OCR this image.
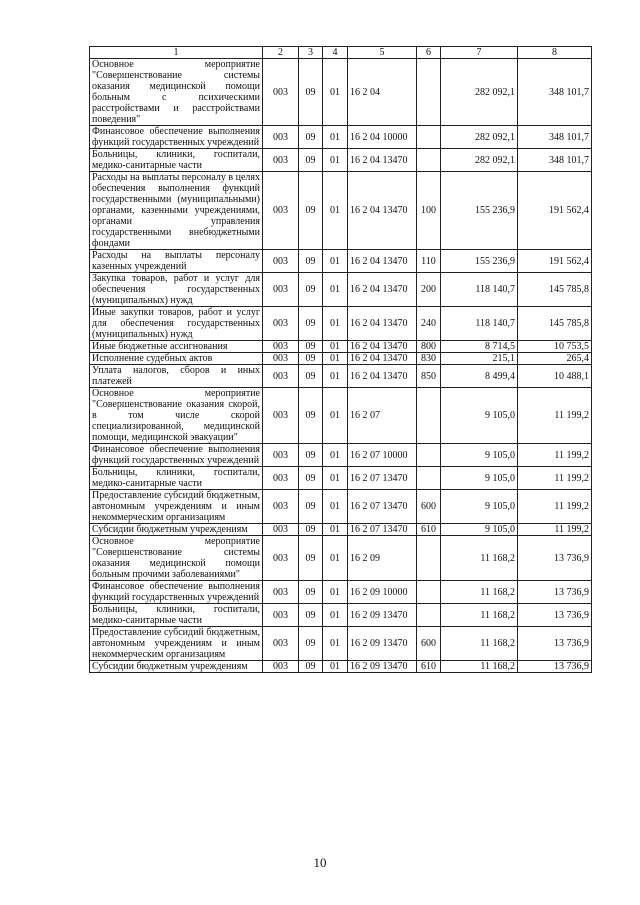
1	2	3	4	5	6	7	8
Основное мероприятие "Совершенствование системы оказания медицинской помощи больным с психическими расстройствами и расстройствами поведения"	003	09	01	16 2 04		282 092,1	348 101,7
Финансовое обеспечение выполнения функций государственных учреждений	003	09	01	16 2 04 10000		282 092,1	348 101,7
Больницы, клиники, госпитали, медико-санитарные части	003	09	01	16 2 04 13470		282 092,1	348 101,7
Расходы на выплаты персоналу в целях обеспечения выполнения функций государственными (муниципальными) органами, казенными учреждениями, органами управления государственными внебюджетными фондами	003	09	01	16 2 04 13470	100	155 236,9	191 562,4
Расходы на выплаты персоналу казенных учреждений	003	09	01	16 2 04 13470	110	155 236,9	191 562,4
Закупка товаров, работ и услуг для обеспечения государственных (муниципальных) нужд	003	09	01	16 2 04 13470	200	118 140,7	145 785,8
Иные закупки товаров, работ и услуг для обеспечения государственных (муниципальных) нужд	003	09	01	16 2 04 13470	240	118 140,7	145 785,8
Иные бюджетные ассигнования	003	09	01	16 2 04 13470	800	8 714,5	10 753,5
Исполнение судебных актов	003	09	01	16 2 04 13470	830	215,1	265,4
Уплата налогов, сборов и иных платежей	003	09	01	16 2 04 13470	850	8 499,4	10 488,1
Основное мероприятие "Совершенствование оказания скорой, в том числе скорой специализированной, медицинской помощи, медицинской эвакуации"	003	09	01	16 2 07		9 105,0	11 199,2
Финансовое обеспечение выполнения функций государственных учреждений	003	09	01	16 2 07 10000		9 105,0	11 199,2
Больницы, клиники, госпитали, медико-санитарные части	003	09	01	16 2 07 13470		9 105,0	11 199,2
Предоставление субсидий бюджетным, автономным учреждениям и иным некоммерческим организациям	003	09	01	16 2 07 13470	600	9 105,0	11 199,2
Субсидии бюджетным учреждениям	003	09	01	16 2 07 13470	610	9 105,0	11 199,2
Основное мероприятие "Совершенствование системы оказания медицинской помощи больным прочими заболеваниями"	003	09	01	16 2 09		11 168,2	13 736,9
Финансовое обеспечение выполнения функций государственных учреждений	003	09	01	16 2 09 10000		11 168,2	13 736,9
Больницы, клиники, госпитали, медико-санитарные части	003	09	01	16 2 09 13470		11 168,2	13 736,9
Предоставление субсидий бюджетным, автономным учреждениям и иным некоммерческим организациям	003	09	01	16 2 09 13470	600	11 168,2	13 736,9
Субсидии бюджетным учреждениям	003	09	01	16 2 09 13470	610	11 168,2	13 736,9
10
